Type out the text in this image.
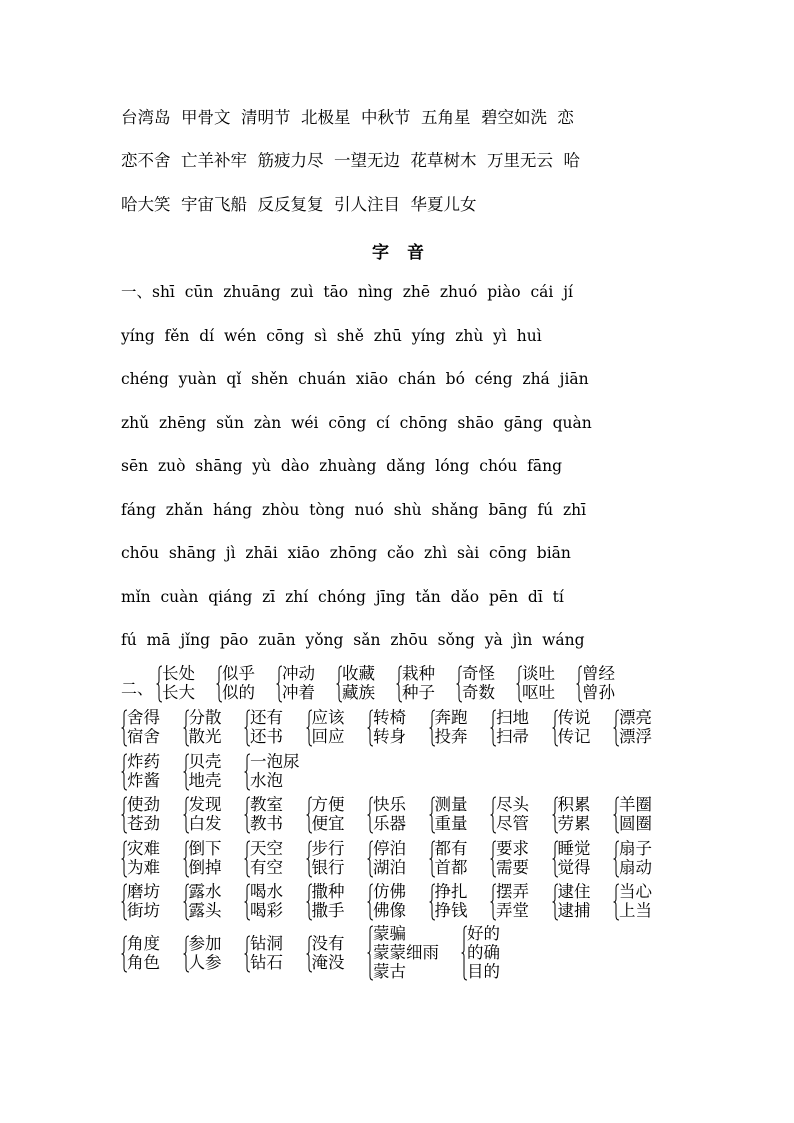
台湾岛  甲骨文  清明节  北极星  中秋节  五角星  碧空如洗  恋
恋不舍  亡羊补牢  筋疲力尽  一望无边  花草树木  万里无云  哈
哈大笑  宇宙飞船  反反复复  引人注目  华夏儿女
字音
一、shī  cūn  zhuāng  zuì  tāo  nìng  zhē  zhuó  piào  cái  jí
yíng  fěn  dí  wén  cōng  sì  shě  zhū  yíng  zhù  yì  huì
chéng  yuàn  qǐ  shěn  chuán  xiāo  chán  bó  céng  zhá  jiān
zhǔ  zhēng  sǔn  zàn  wéi  cōng  cí  chōng  shāo  gāng  quàn
sēn  zuò  shāng  yù  dào  zhuàng  dǎng  lóng  chóu  fāng
fáng  zhǎn  háng  zhòu  tòng  nuó  shù  shǎng  bāng  fú  zhī
chōu  shāng  jì  zhāi  xiāo  zhōng  cǎo  zhì  sài  cōng  biān
mǐn  cuàn  qiáng  zī  zhí  chóng  jīng  tǎn  dǎo  pēn  dī  tí
fú  mā  jǐng  pāo  zuān  yǒng  sǎn  zhōu  sǒng  yà  jìn  wáng
二、
长处
长大
似乎
似的
冲动
冲着
收藏
藏族
栽种
种子
奇怪
奇数
谈吐
呕吐
曾经
曾孙
舍得
宿舍
分散
散光
还有
还书
应该
回应
转椅
转身
奔跑
投奔
扫地
扫帚
传说
传记
漂亮
漂浮
炸药
炸酱
贝壳
地壳
一泡尿
水泡
使劲
苍劲
发现
白发
教室
教书
方便
便宜
快乐
乐器
测量
重量
尽头
尽管
积累
劳累
羊圈
圆圈
灾难
为难
倒下
倒掉
天空
有空
步行
银行
停泊
湖泊
都有
首都
要求
需要
睡觉
觉得
扇子
扇动
磨坊
街坊
露水
露头
喝水
喝彩
撒种
撒手
仿佛
佛像
挣扎
挣钱
摆弄
弄堂
逮住
逮捕
当心
上当
角度
角色
参加
人参
钻洞
钻石
没有
淹没
蒙骗
蒙蒙细雨
蒙古
好的
的确
目的
